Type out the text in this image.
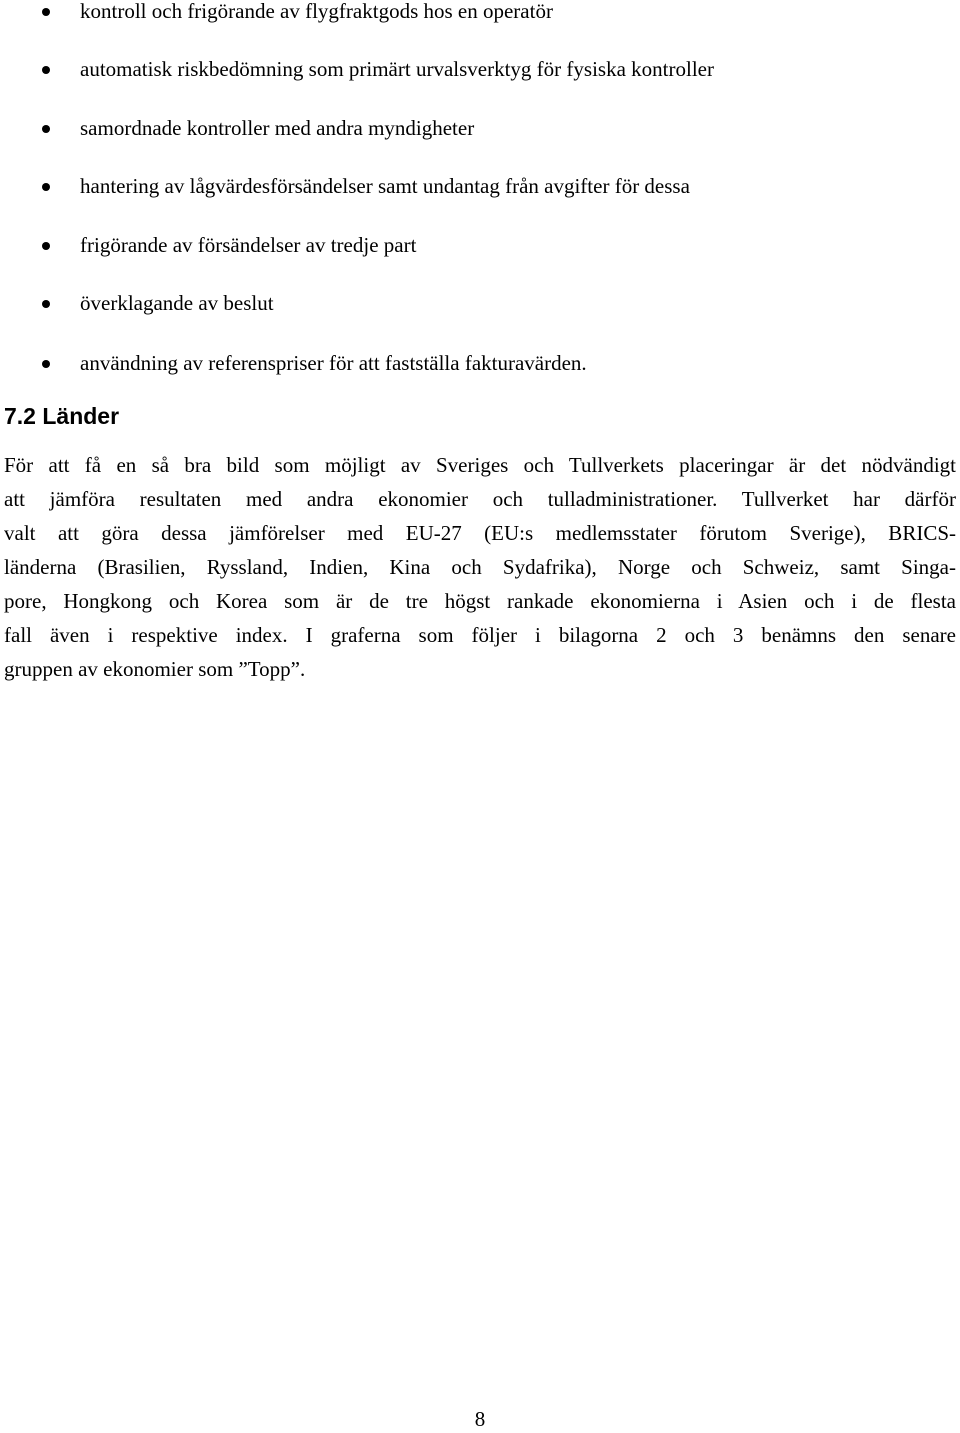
kontroll och frigörande av flygfraktgods hos en operatör
automatisk riskbedömning som primärt urvalsverktyg för fysiska kontroller
samordnade kontroller med andra myndigheter
hantering av lågvärdesförsändelser samt undantag från avgifter för dessa
frigörande av försändelser av tredje part
överklagande av beslut
användning av referenspriser för att fastställa fakturavärden.
7.2 Länder

För att få en så bra bild som möjligt av Sveriges och Tullverkets placeringar är det nödvändigt
att jämföra resultaten med andra ekonomier och tulladministrationer. Tullverket har därför
valt att göra dessa jämförelser med EU-27 (EU:s medlemsstater förutom Sverige), BRICS-
länderna (Brasilien, Ryssland, Indien, Kina och Sydafrika), Norge och Schweiz, samt Singa-
pore, Hongkong och Korea som är de tre högst rankade ekonomierna i Asien och i de flesta
fall även i respektive index. I graferna som följer i bilagorna 2 och 3 benämns den senare
gruppen av ekonomier som ”Topp”.

8
